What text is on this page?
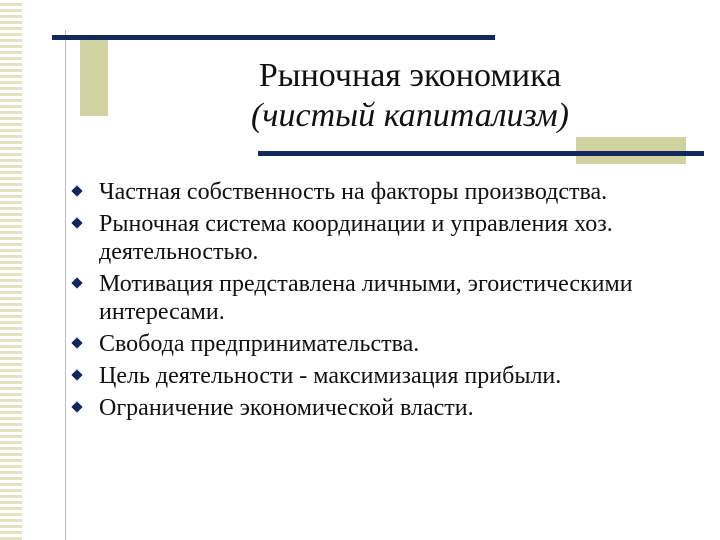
Рыночная экономика
(чистый капитализм)
Частная собственность на факторы производства.
Рыночная система координации и управления хоз. деятельностью.
Мотивация представлена личными, эгоистическими интересами.
Свобода предпринимательства.
Цель деятельности - максимизация прибыли.
Ограничение экономической власти.
